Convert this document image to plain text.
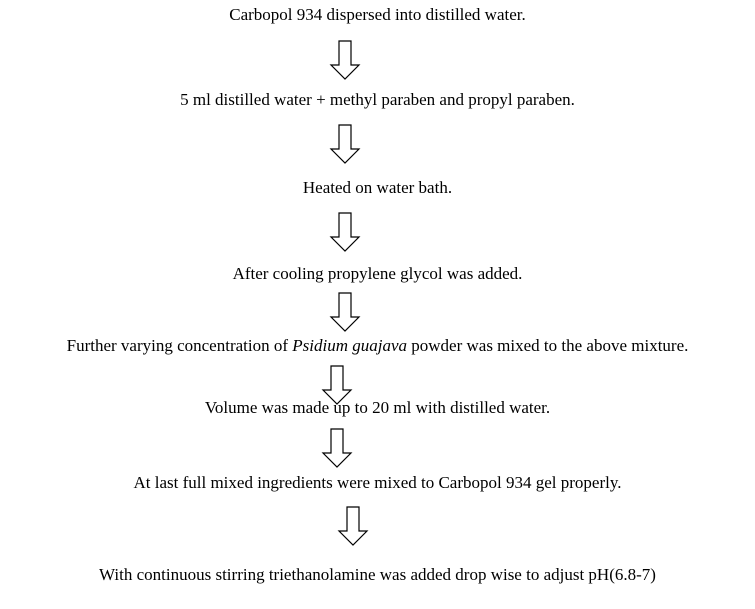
Carbopol 934 dispersed into distilled water.
5 ml distilled water + methyl paraben and propyl paraben.
Heated on water bath.
After cooling propylene glycol was added.
Further varying concentration of Psidium guajava powder was mixed to the above mixture.
Volume was made up to 20 ml with distilled water.
At last full mixed ingredients were mixed to Carbopol 934 gel properly.
With continuous stirring triethanolamine was added drop wise to adjust pH(6.8-7)
